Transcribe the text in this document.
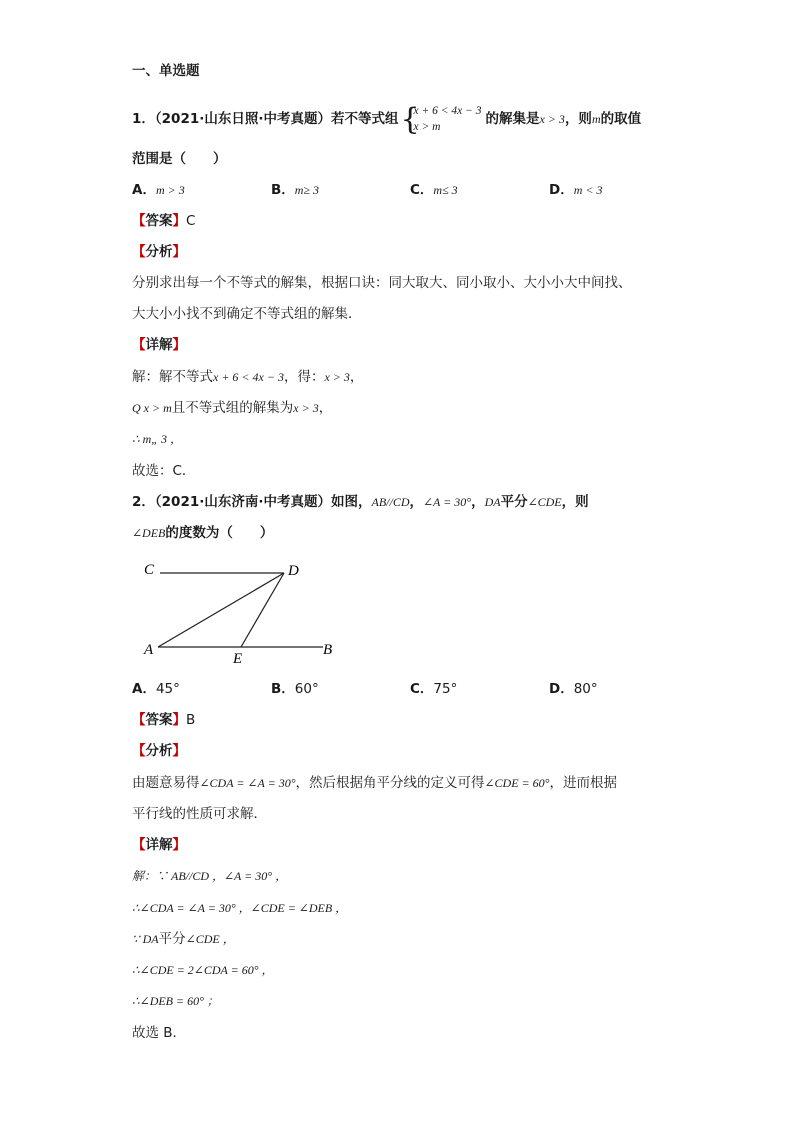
一、单选题
1．（2021·山东日照·中考真题）若不等式组 {
x + 6 < 4x − 3
x > m	的解集是x > 3，则m的取值
范围是（　　）
A．m > 3	B．m≥ 3	C．m≤ 3	D．m < 3
【答案】C
【分析】
分别求出每一个不等式的解集，根据口诀：同大取大、同小取小、大小小大中间找、
大大小小找不到确定不等式组的解集．
【详解】
解：解不等式x + 6 < 4x − 3，得：x > 3，
Q x > m且不等式组的解集为x > 3，
∴ m„ 3 ，
故选：C．
2．（2021·山东济南·中考真题）如图，AB//CD，∠A = 30°，DA平分∠CDE，则
∠DEB的度数为（　　）
C	D
A
E
B
A．45°	B．60°	C．75°	D．80°
【答案】B
【分析】
由题意易得∠CDA = ∠A = 30°，然后根据角平分线的定义可得∠CDE = 60°，进而根据
平行线的性质可求解．
【详解】
解：∵ AB//CD ，∠A = 30° ，
∴∠CDA = ∠A = 30° ，∠CDE = ∠DEB ，
∵ DA平分∠CDE ，
∴∠CDE = 2∠CDA = 60° ，
∴∠DEB = 60° ；
故选 B．
